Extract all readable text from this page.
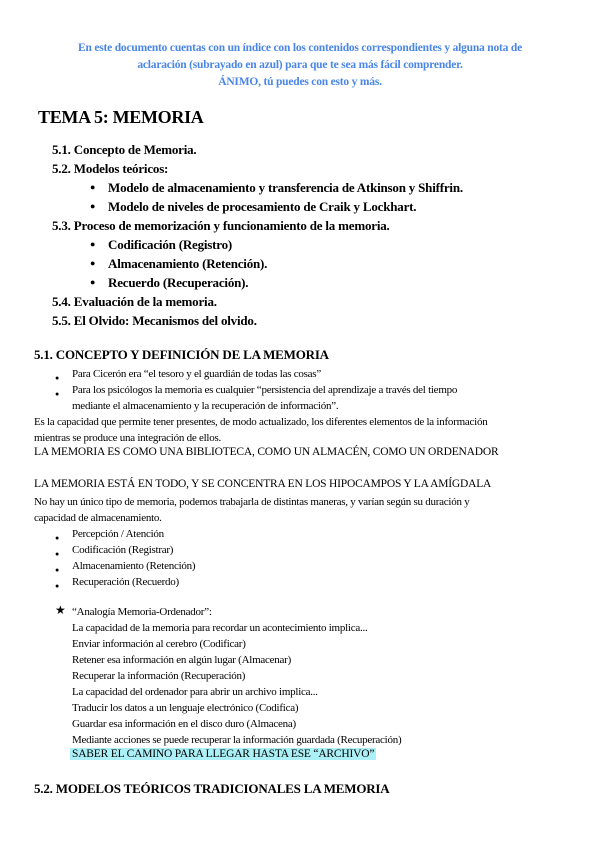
En este documento cuentas con un índice con los contenidos correspondientes y alguna nota de
aclaración (subrayado en azul) para que te sea más fácil comprender.
ÁNIMO, tú puedes con esto y más.
TEMA 5: MEMORIA
5.1. Concepto de Memoria.
5.2. Modelos teóricos:
● Modelo de almacenamiento y transferencia de Atkinson y Shiffrin.
● Modelo de niveles de procesamiento de Craik y Lockhart.
5.3. Proceso de memorización y funcionamiento de la memoria.
● Codificación (Registro)
● Almacenamiento (Retención).
● Recuerdo (Recuperación).
5.4. Evaluación de la memoria.
5.5. El Olvido: Mecanismos del olvido.
5.1. CONCEPTO Y DEFINICIÓN DE LA MEMORIA
● Para Cicerón era “el tesoro y el guardián de todas las cosas”
● Para los psicólogos la memoria es cualquier “persistencia del aprendizaje a través del tiempo
mediante el almacenamiento y la recuperación de información”.
Es la capacidad que permite tener presentes, de modo actualizado, los diferentes elementos de la información
mientras se produce una integración de ellos.
LA MEMORIA ES COMO UNA BIBLIOTECA, COMO UN ALMACÉN, COMO UN ORDENADOR
LA MEMORIA ESTÁ EN TODO, Y SE CONCENTRA EN LOS HIPOCAMPOS Y LA AMÍGDALA
No hay un único tipo de memoria, podemos trabajarla de distintas maneras, y varían según su duración y
capacidad de almacenamiento.
● Percepción / Atención
● Codificación (Registrar)
● Almacenamiento (Retención)
● Recuperación (Recuerdo)
★ “Analogía Memoria-Ordenador”:
La capacidad de la memoria para recordar un acontecimiento implica...
Enviar información al cerebro (Codificar)
Retener esa información en algún lugar (Almacenar)
Recuperar la información (Recuperación)
La capacidad del ordenador para abrir un archivo implica...
Traducir los datos a un lenguaje electrónico (Codifica)
Guardar esa información en el disco duro (Almacena)
Mediante acciones se puede recuperar la información guardada (Recuperación)
SABER EL CAMINO PARA LLEGAR HASTA ESE “ARCHIVO”
5.2. MODELOS TEÓRICOS TRADICIONALES LA MEMORIA
